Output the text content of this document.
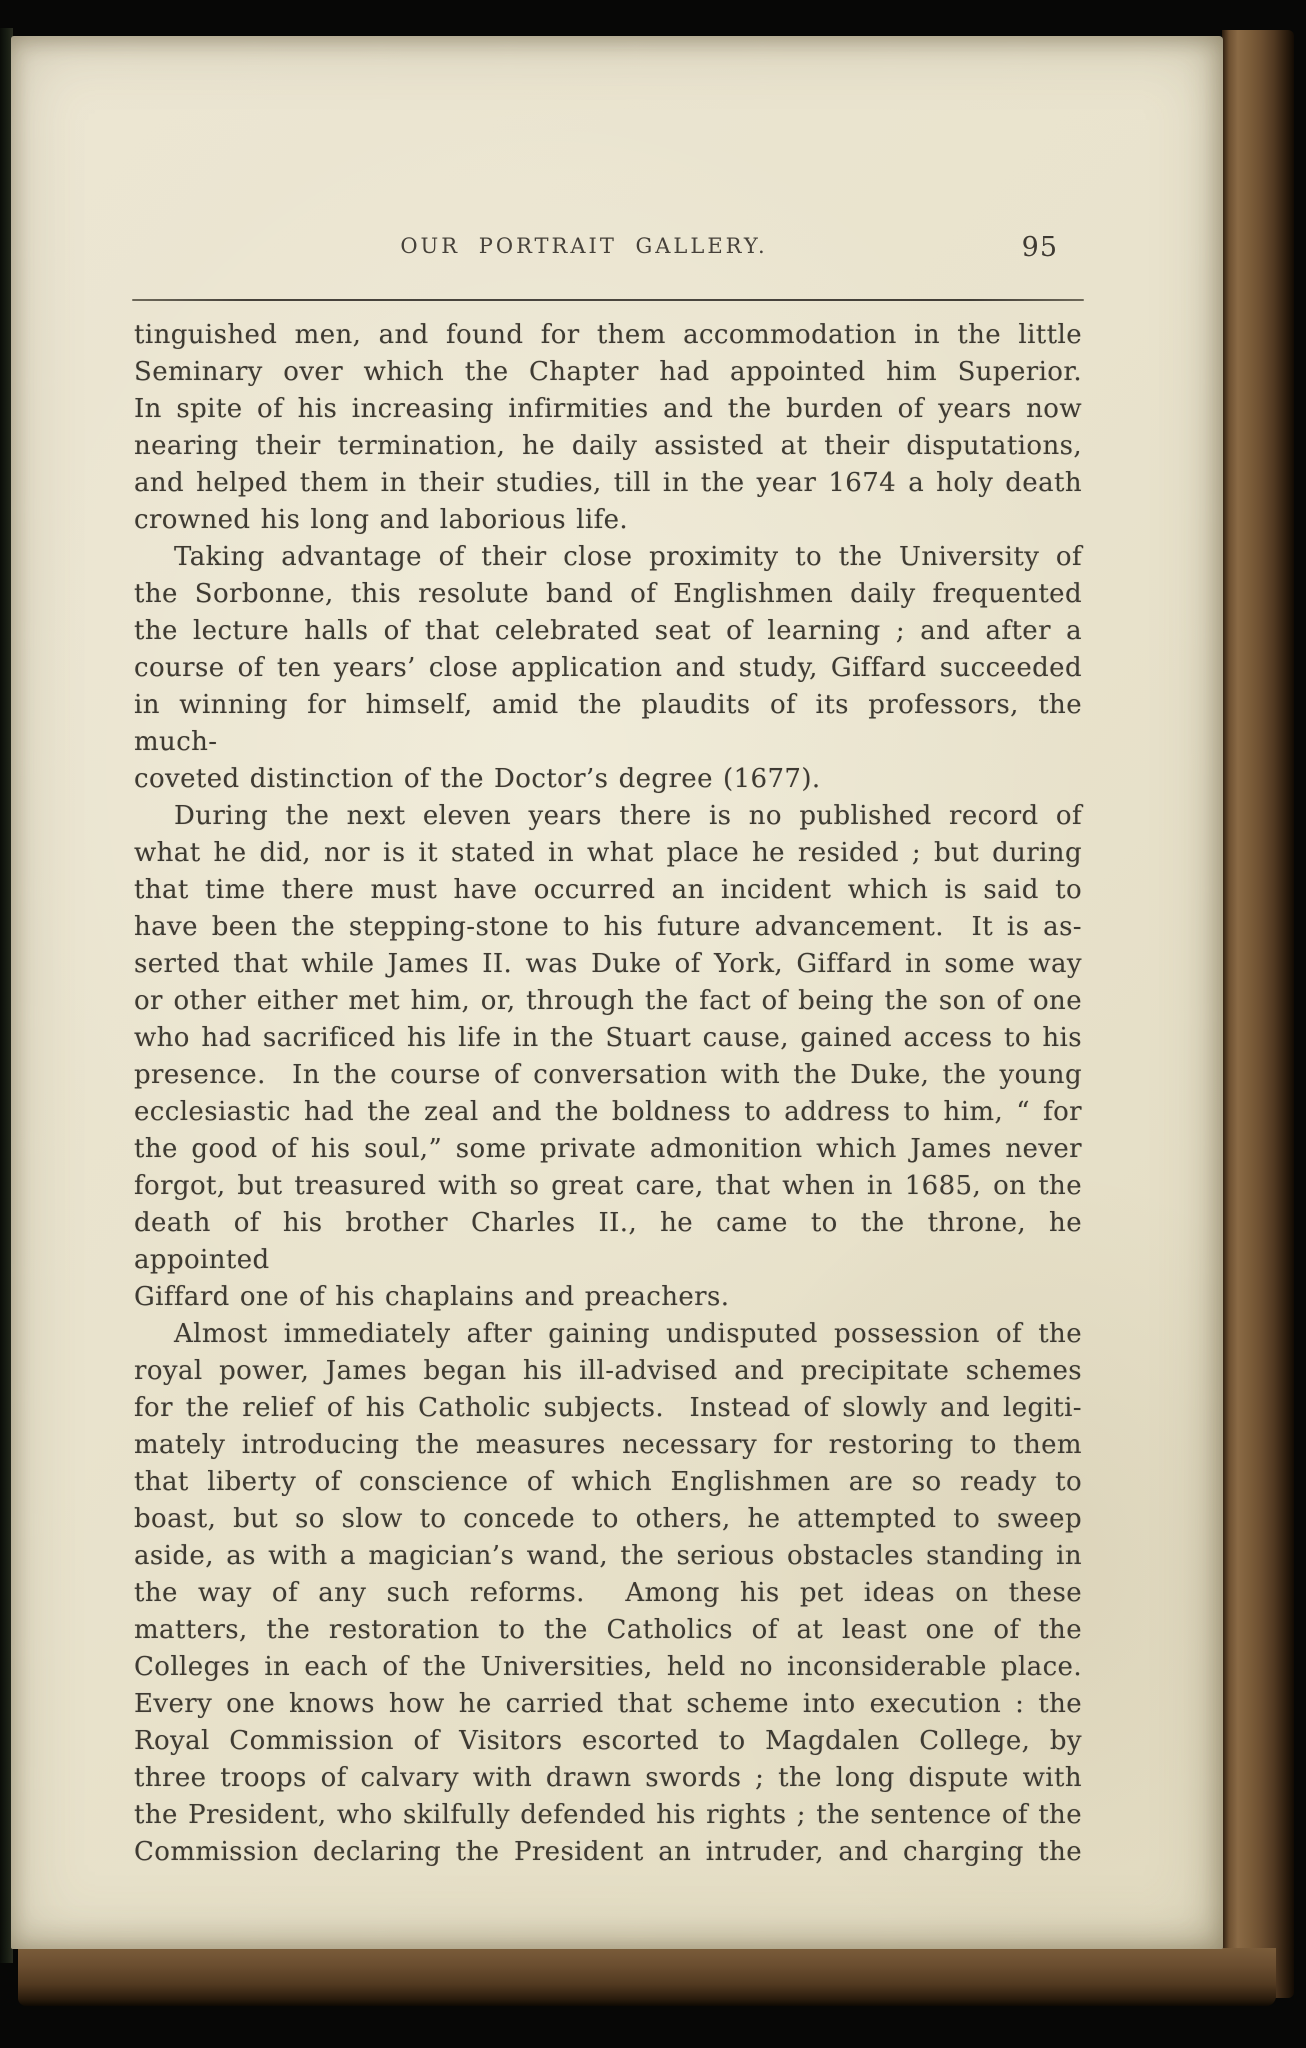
OUR PORTRAIT GALLERY.	95
tinguished men, and found for them accommodation in the little
Seminary over which the Chapter had appointed him Superior.
In spite of his increasing infirmities and the burden of years now
nearing their termination, he daily assisted at their disputations,
and helped them in their studies, till in the year 1674 a holy death
crowned his long and laborious life.
Taking advantage of their close proximity to the University of
the Sorbonne, this resolute band of Englishmen daily frequented
the lecture halls of that celebrated seat of learning ; and after a
course of ten years’ close application and study, Giffard succeeded
in winning for himself, amid the plaudits of its professors, the much-
coveted distinction of the Doctor’s degree (1677).
During the next eleven years there is no published record of
what he did, nor is it stated in what place he resided ; but during
that time there must have occurred an incident which is said to
have been the stepping-stone to his future advancement.  It is as-
serted that while James II. was Duke of York, Giffard in some way
or other either met him, or, through the fact of being the son of one
who had sacrificed his life in the Stuart cause, gained access to his
presence.  In the course of conversation with the Duke, the young
ecclesiastic had the zeal and the boldness to address to him, “ for
the good of his soul,” some private admonition which James never
forgot, but treasured with so great care, that when in 1685, on the
death of his brother Charles II., he came to the throne, he appointed
Giffard one of his chaplains and preachers.
Almost immediately after gaining undisputed possession of the
royal power, James began his ill-advised and precipitate schemes
for the relief of his Catholic subjects.  Instead of slowly and legiti-
mately introducing the measures necessary for restoring to them
that liberty of conscience of which Englishmen are so ready to
boast, but so slow to concede to others, he attempted to sweep
aside, as with a magician’s wand, the serious obstacles standing in
the way of any such reforms.  Among his pet ideas on these
matters, the restoration to the Catholics of at least one of the
Colleges in each of the Universities, held no inconsiderable place.
Every one knows how he carried that scheme into execution : the
Royal Commission of Visitors escorted to Magdalen College, by
three troops of calvary with drawn swords ; the long dispute with
the President, who skilfully defended his rights ; the sentence of the
Commission declaring the President an intruder, and charging the
